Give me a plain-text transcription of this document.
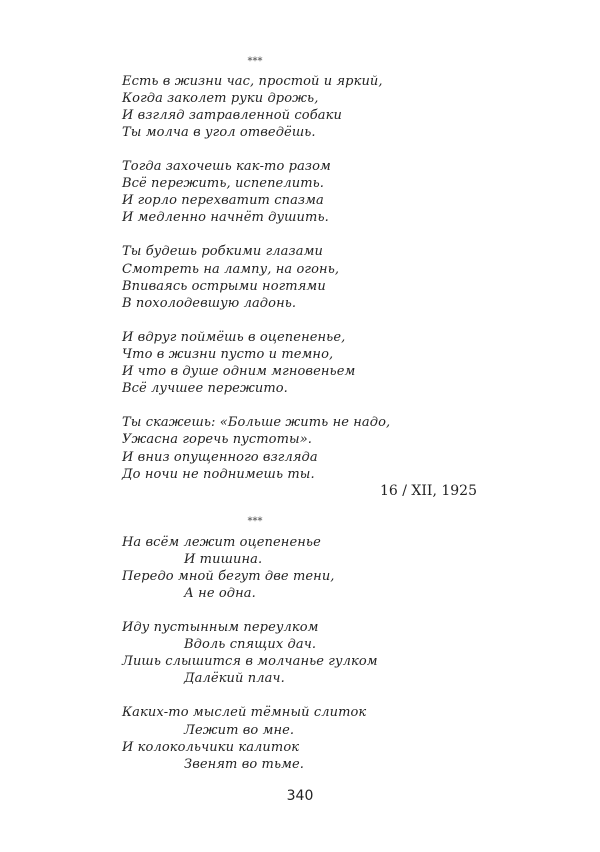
***
Есть в жизни час, простой и яркий,
Когда заколет руки дрожь,
И взгляд затравленной собаки
Ты молча в угол отведёшь.
Тогда захочешь как-то разом
Всё пережить, испепелить.
И горло перехватит спазма
И медленно начнёт душить.
Ты будешь робкими глазами
Смотреть на лампу, на огонь,
Впиваясь острыми ногтями
В похолодевшую ладонь.
И вдруг поймёшь в оцепененье,
Что в жизни пусто и темно,
И что в душе одним мгновеньем
Всё лучшее пережито.
Ты скажешь: «Больше жить не надо,
Ужасна горечь пустоты».
И вниз опущенного взгляда
До ночи не поднимешь ты.
16 / XII, 1925
***
На всём лежит оцепененье
И тишина.
Передо мной бегут две тени,
А не одна.
Иду пустынным переулком
Вдоль спящих дач.
Лишь слышится в молчанье гулком
Далёкий плач.
Каких-то мыслей тёмный слиток
Лежит во мне.
И колокольчики калиток
Звенят во тьме.
340
